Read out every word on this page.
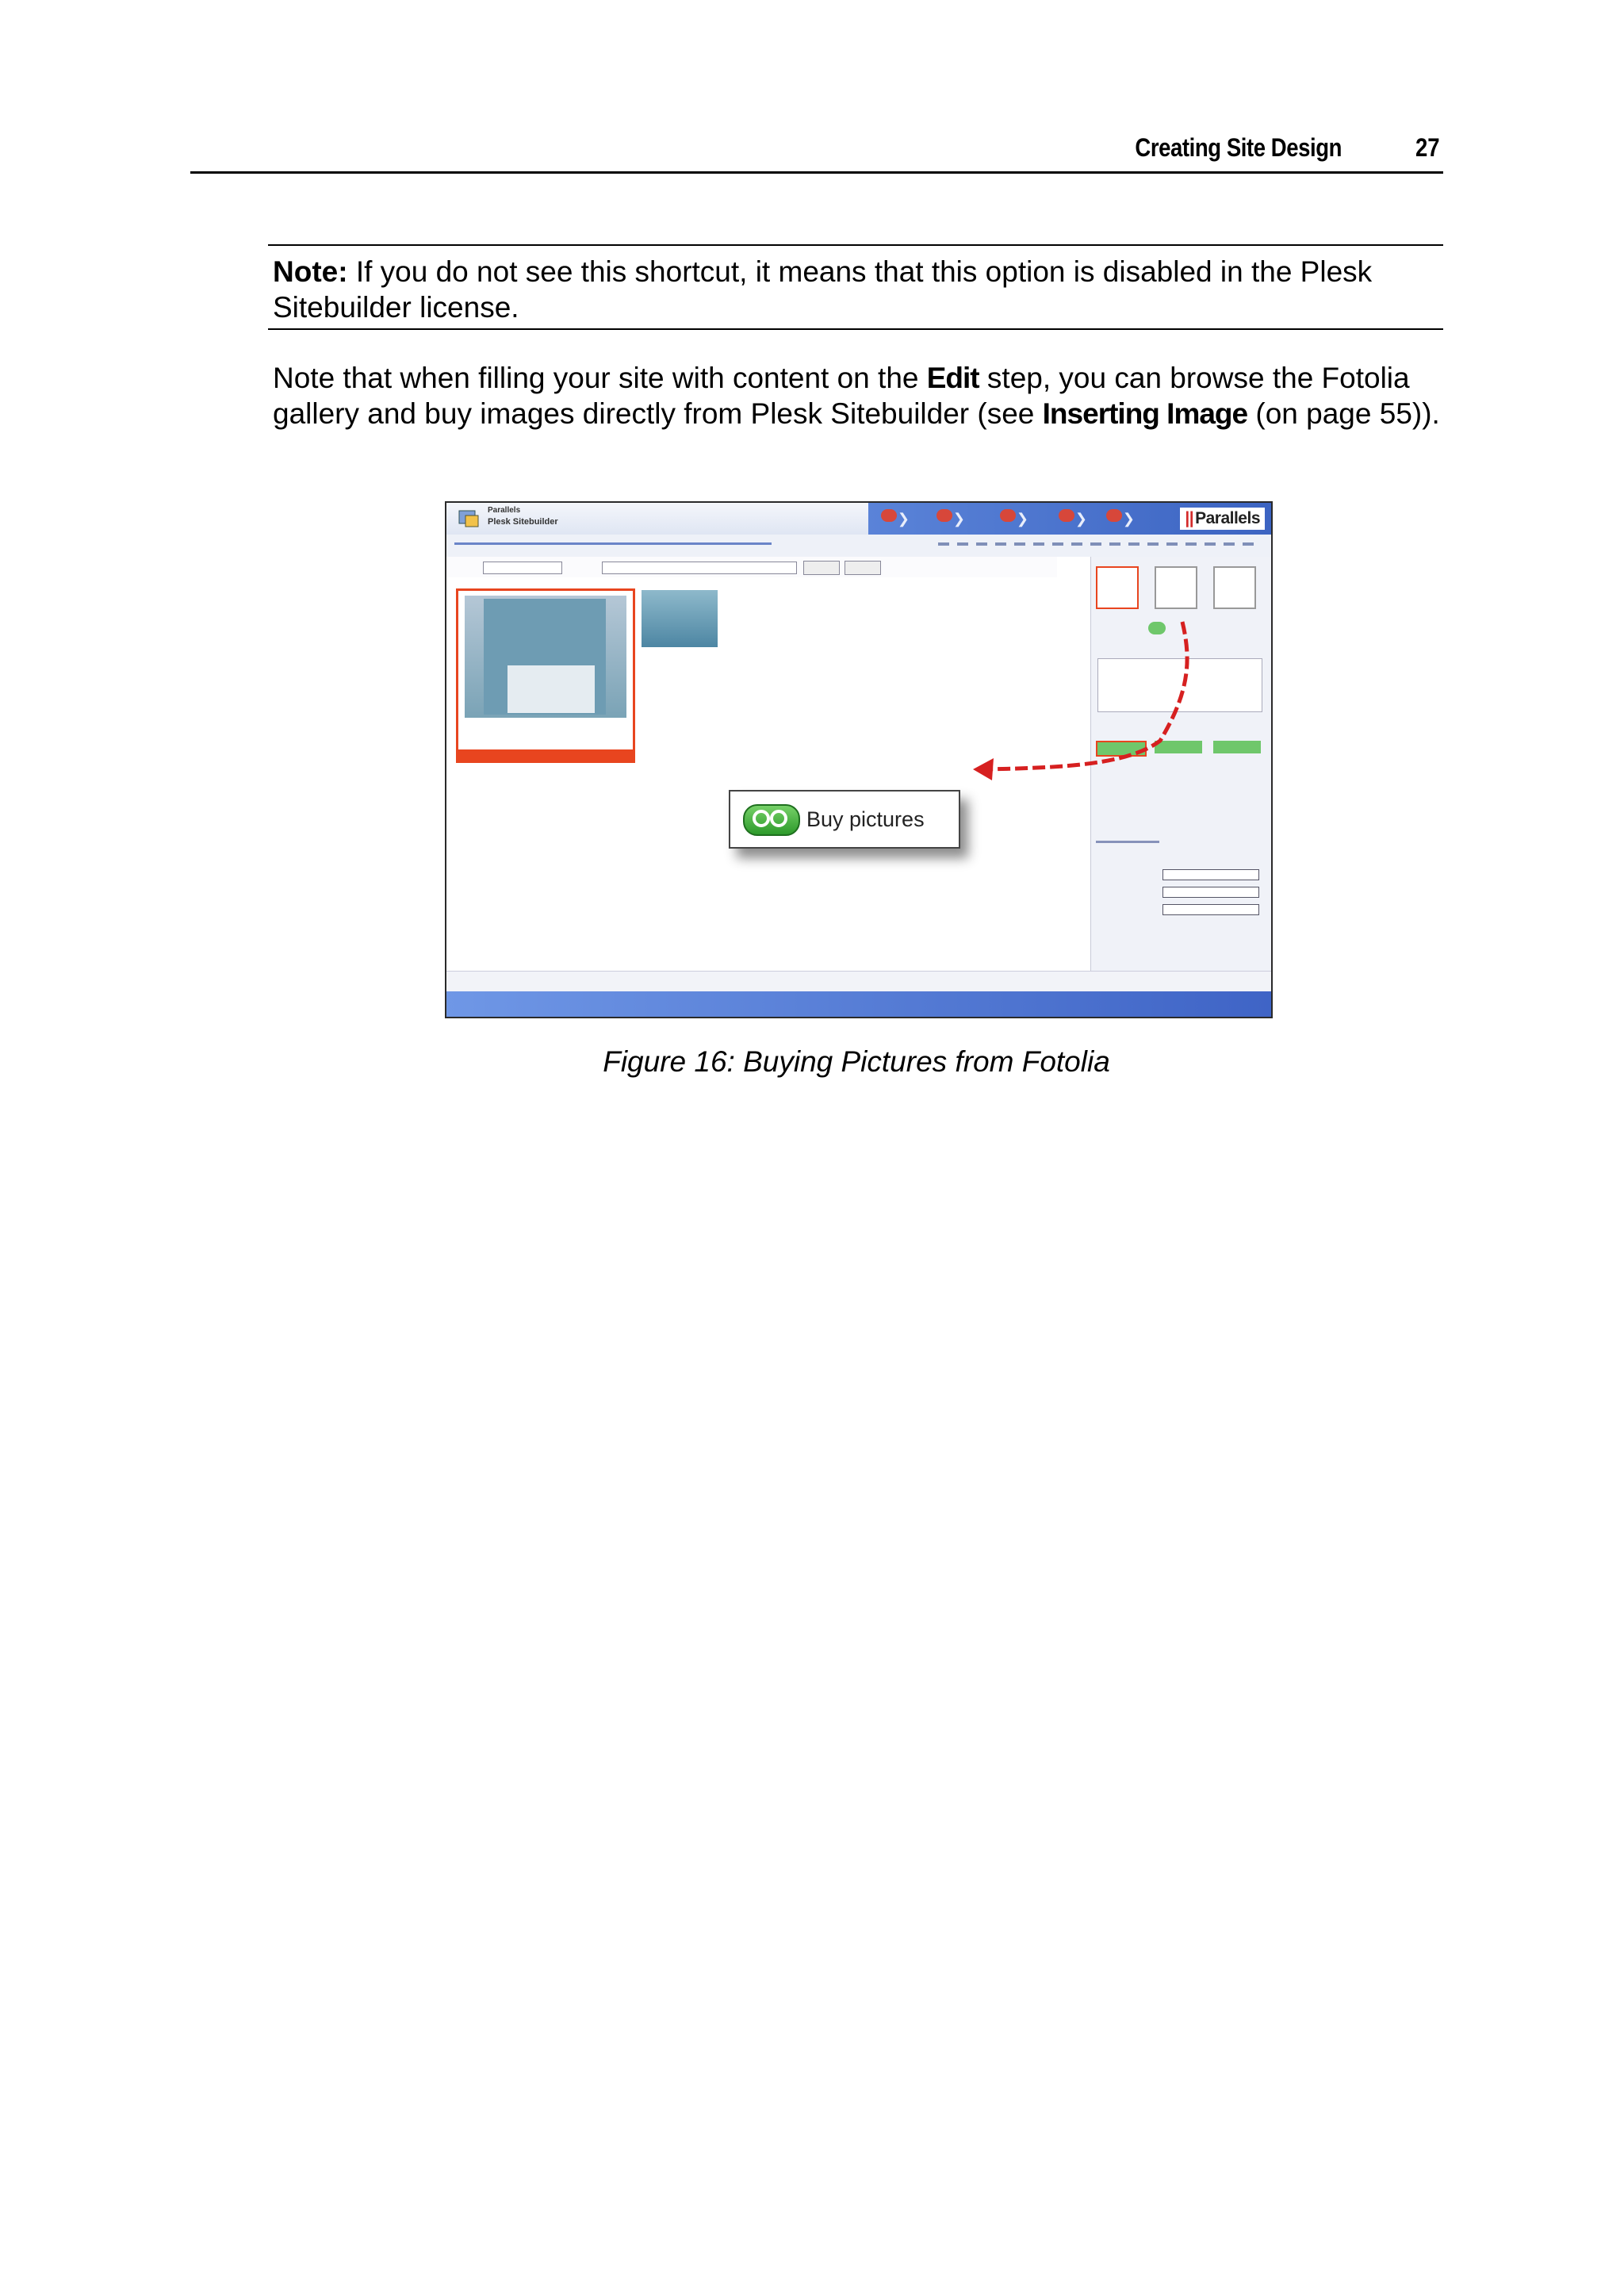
Creating Site Design	27
Note: If you do not see this shortcut, it means that this option is disabled in the Plesk Sitebuilder license.
Note that when filling your site with content on the Edit step, you can browse the Fotolia gallery and buy images directly from Plesk Sitebuilder (see Inserting Image (on page 55)).
Parallels
Plesk Sitebuilder	❯	❯	❯	❯ ❯	||Parallels
Buy pictures
Figure 16: Buying Pictures from Fotolia
